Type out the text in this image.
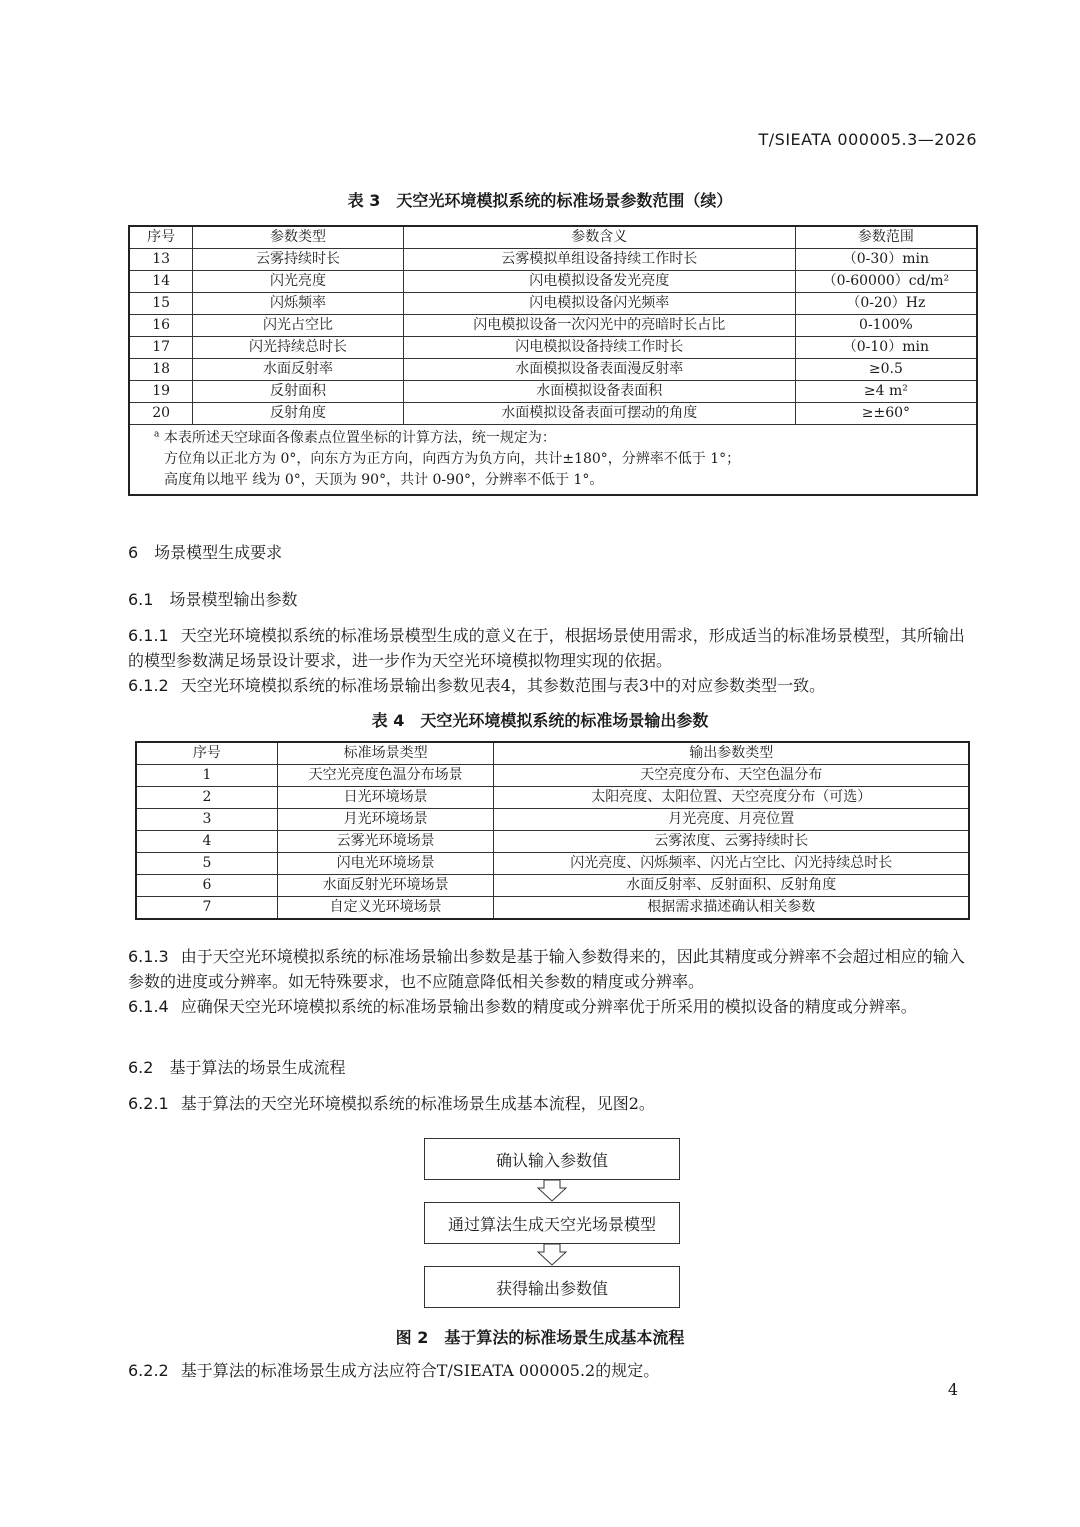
T/SIEATA 000005.3—2026
表 3　天空光环境模拟系统的标准场景参数范围（续）
序号	参数类型	参数含义	参数范围
13	云雾持续时长	云雾模拟单组设备持续工作时长	（0-30）min
14	闪光亮度	闪电模拟设备发光亮度	（0-60000）cd/m²
15	闪烁频率	闪电模拟设备闪光频率	（0-20）Hz
16	闪光占空比	闪电模拟设备一次闪光中的亮暗时长占比	0-100%
17	闪光持续总时长	闪电模拟设备持续工作时长	（0-10）min
18	水面反射率	水面模拟设备表面漫反射率	≥0.5
19	反射面积	水面模拟设备表面积	≥4 m²
20	反射角度	水面模拟设备表面可摆动的角度	≥±60°

$^a$ 本表所述天空球面各像素点位置坐标的计算方法，统一规定为：
方位角以正北方为 0°，向东方为正方向，向西方为负方向，共计±180°，分辨率不低于 1°；
高度角以地平 线为 0°，天顶为 90°，共计 0-90°，分辨率不低于 1°。			
6　场景模型生成要求
6.1　场景模型输出参数
6.1.1 天空光环境模拟系统的标准场景模型生成的意义在于，根据场景使用需求，形成适当的标准场景模型，其所输出的模型参数满足场景设计要求，进一步作为天空光环境模拟物理实现的依据。
6.1.2 天空光环境模拟系统的标准场景输出参数见表4，其参数范围与表3中的对应参数类型一致。
表 4　天空光环境模拟系统的标准场景输出参数
序号	标准场景类型	输出参数类型
1	天空光亮度色温分布场景	天空亮度分布、天空色温分布
2	日光环境场景	太阳亮度、太阳位置、天空亮度分布（可选）
3	月光环境场景	月光亮度、月亮位置
4	云雾光环境场景	云雾浓度、云雾持续时长
5	闪电光环境场景	闪光亮度、闪烁频率、闪光占空比、闪光持续总时长
6	水面反射光环境场景	水面反射率、反射面积、反射角度
7	自定义光环境场景	根据需求描述确认相关参数
6.1.3 由于天空光环境模拟系统的标准场景输出参数是基于输入参数得来的，因此其精度或分辨率不会超过相应的输入参数的进度或分辨率。如无特殊要求，也不应随意降低相关参数的精度或分辨率。
6.1.4 应确保天空光环境模拟系统的标准场景输出参数的精度或分辨率优于所采用的模拟设备的精度或分辨率。
6.2　基于算法的场景生成流程
6.2.1 基于算法的天空光环境模拟系统的标准场景生成基本流程，见图2。
确认输入参数值
通过算法生成天空光场景模型
获得输出参数值
图 2　基于算法的标准场景生成基本流程
6.2.2 基于算法的标准场景生成方法应符合T/SIEATA 000005.2的规定。
4
